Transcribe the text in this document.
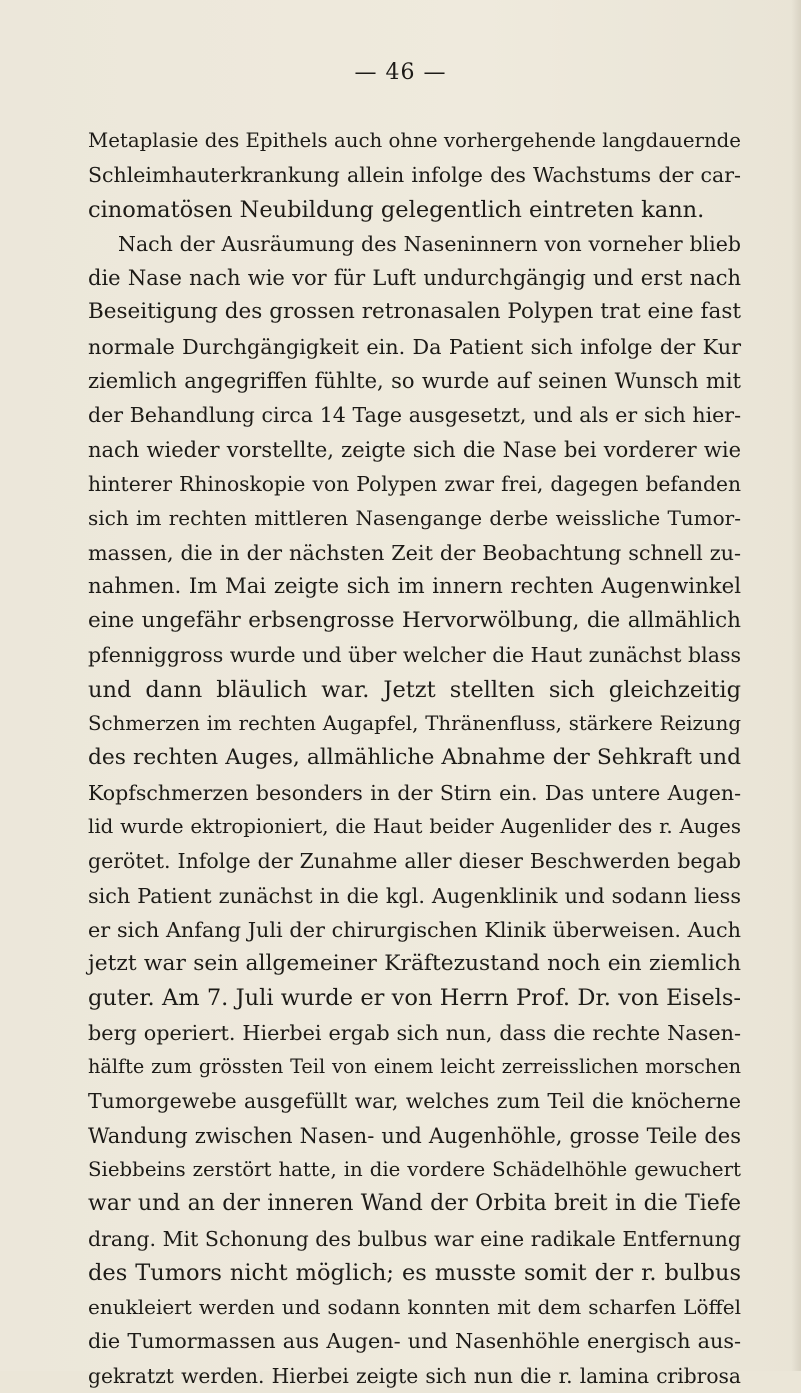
— 46 —
Metaplasie des Epithels auch ohne vorhergehende langdauernde
Schleimhauterkrankung allein infolge des Wachstums der car-
cinomatösen Neubildung gelegentlich eintreten kann.
Nach der Ausräumung des Naseninnern von vorneher blieb
die Nase nach wie vor für Luft undurchgängig und erst nach
Beseitigung des grossen retronasalen Polypen trat eine fast
normale Durchgängigkeit ein. Da Patient sich infolge der Kur
ziemlich angegriffen fühlte, so wurde auf seinen Wunsch mit
der Behandlung circa 14 Tage ausgesetzt, und als er sich hier-
nach wieder vorstellte, zeigte sich die Nase bei vorderer wie
hinterer Rhinoskopie von Polypen zwar frei, dagegen befanden
sich im rechten mittleren Nasengange derbe weissliche Tumor-
massen, die in der nächsten Zeit der Beobachtung schnell zu-
nahmen. Im Mai zeigte sich im innern rechten Augenwinkel
eine ungefähr erbsengrosse Hervorwölbung, die allmählich
pfenniggross wurde und über welcher die Haut zunächst blass
und dann bläulich war. Jetzt stellten sich gleichzeitig
Schmerzen im rechten Augapfel, Thränenfluss, stärkere Reizung
des rechten Auges, allmähliche Abnahme der Sehkraft und
Kopfschmerzen besonders in der Stirn ein. Das untere Augen-
lid wurde ektropioniert, die Haut beider Augenlider des r. Auges
gerötet. Infolge der Zunahme aller dieser Beschwerden begab
sich Patient zunächst in die kgl. Augenklinik und sodann liess
er sich Anfang Juli der chirurgischen Klinik überweisen. Auch
jetzt war sein allgemeiner Kräftezustand noch ein ziemlich
guter. Am 7. Juli wurde er von Herrn Prof. Dr. von Eisels-
berg operiert. Hierbei ergab sich nun, dass die rechte Nasen-
hälfte zum grössten Teil von einem leicht zerreisslichen morschen
Tumorgewebe ausgefüllt war, welches zum Teil die knöcherne
Wandung zwischen Nasen- und Augenhöhle, grosse Teile des
Siebbeins zerstört hatte, in die vordere Schädelhöhle gewuchert
war und an der inneren Wand der Orbita breit in die Tiefe
drang. Mit Schonung des bulbus war eine radikale Entfernung
des Tumors nicht möglich; es musste somit der r. bulbus
enukleiert werden und sodann konnten mit dem scharfen Löffel
die Tumormassen aus Augen- und Nasenhöhle energisch aus-
gekratzt werden. Hierbei zeigte sich nun die r. lamina cribrosa
